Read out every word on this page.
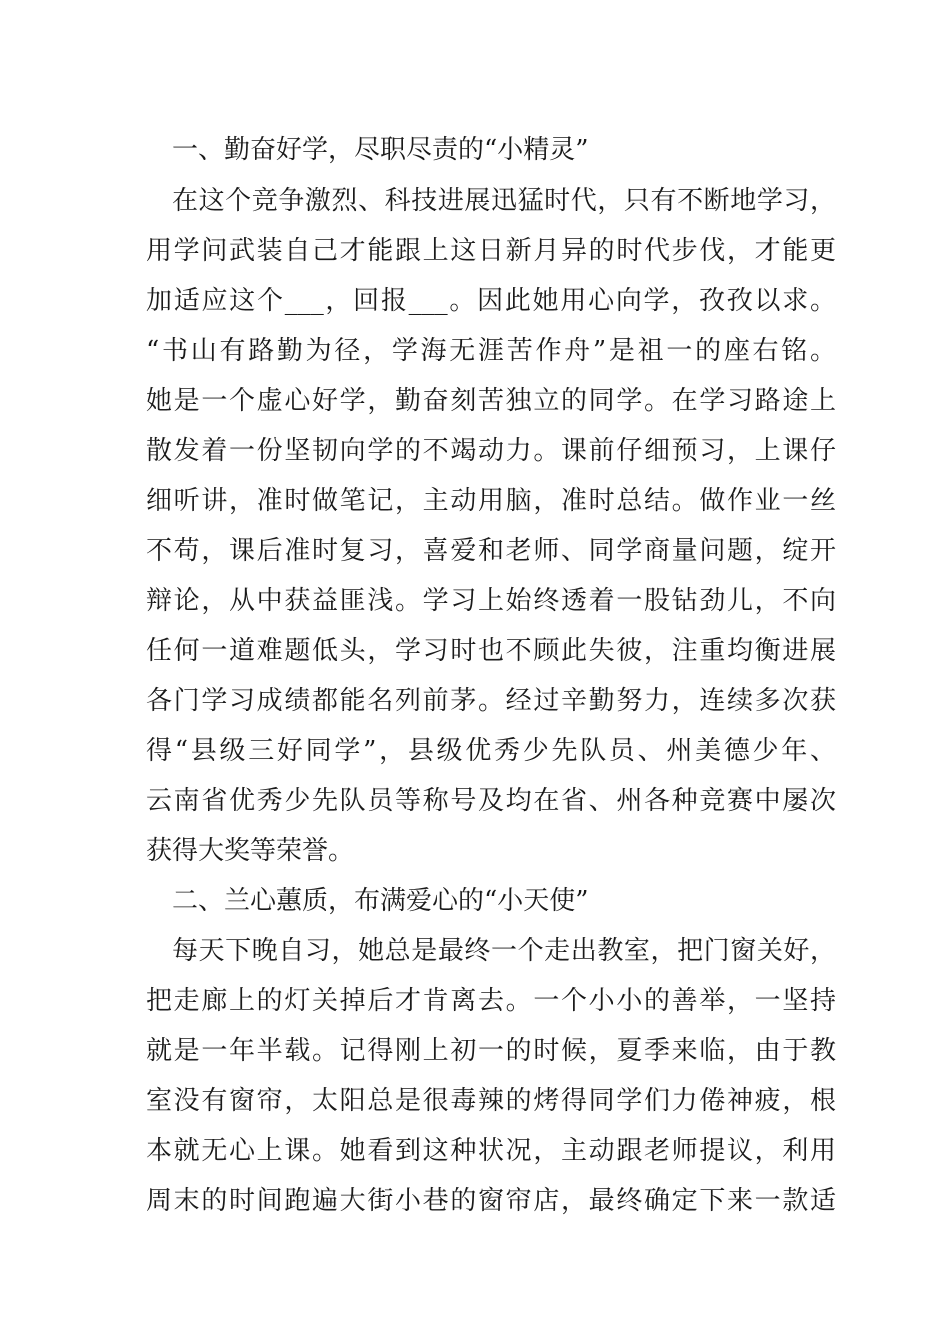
一、勤奋好学，尽职尽责的“小精灵”
在这个竞争激烈、科技进展迅猛时代，只有不断地学习，
用学问武装自己才能跟上这日新月异的时代步伐，才能更
加适应这个___，回报___。因此她用心向学，孜孜以求。
“书山有路勤为径，学海无涯苦作舟”是祖一的座右铭。
她是一个虚心好学，勤奋刻苦独立的同学。在学习路途上
散发着一份坚韧向学的不竭动力。课前仔细预习，上课仔
细听讲，准时做笔记，主动用脑，准时总结。做作业一丝
不苟，课后准时复习，喜爱和老师、同学商量问题，绽开
辩论，从中获益匪浅。学习上始终透着一股钻劲儿，不向
任何一道难题低头，学习时也不顾此失彼，注重均衡进展
各门学习成绩都能名列前茅。经过辛勤努力，连续多次获
得“县级三好同学”，县级优秀少先队员、州美德少年、
云南省优秀少先队员等称号及均在省、州各种竞赛中屡次
获得大奖等荣誉。
二、兰心蕙质，布满爱心的“小天使”
每天下晚自习，她总是最终一个走出教室，把门窗关好，
把走廊上的灯关掉后才肯离去。一个小小的善举，一坚持
就是一年半载。记得刚上初一的时候，夏季来临，由于教
室没有窗帘，太阳总是很毒辣的烤得同学们力倦神疲，根
本就无心上课。她看到这种状况，主动跟老师提议，利用
周末的时间跑遍大街小巷的窗帘店，最终确定下来一款适
